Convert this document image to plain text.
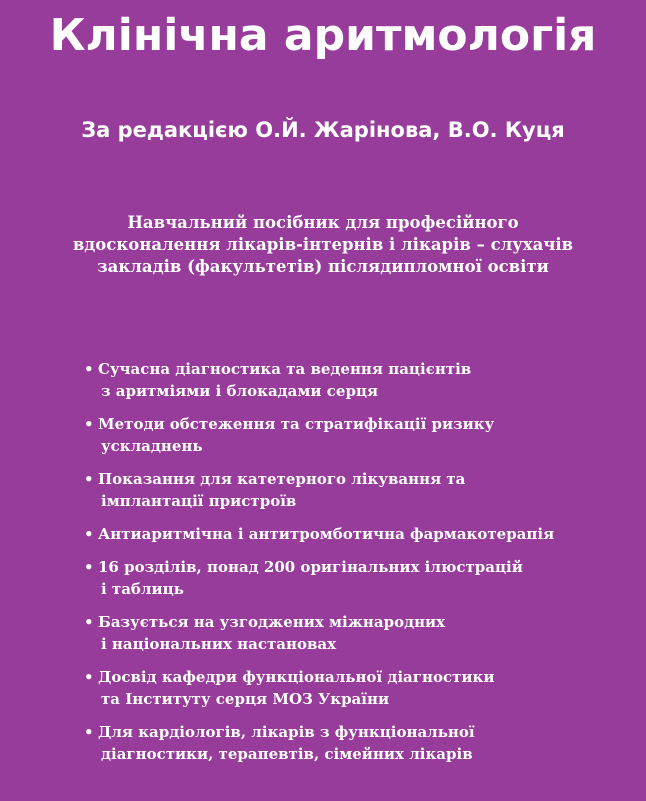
Клінічна аритмологія
За редакцією О.Й. Жарінова, В.О. Куця

Навчальний посібник для професійного
вдосконалення лікарів-інтернів і лікарів – слухачів
закладів (факультетів) післядипломної освіти

• Сучасна діагностика та ведення пацієнтів
з аритміями і блокадами серця
• Методи обстеження та стратифікації ризику
ускладнень
• Показання для катетерного лікування та
імплантації пристроїв
• Антиаритмічна і антитромботична фармакотерапія
• 16 розділів, понад 200 оригінальних ілюстрацій
і таблиць
• Базується на узгоджених міжнародних
і національних настановах
• Досвід кафедри функціональної діагностики
та Інституту серця МОЗ України
• Для кардіологів, лікарів з функціональної
діагностики, терапевтів, сімейних лікарів
